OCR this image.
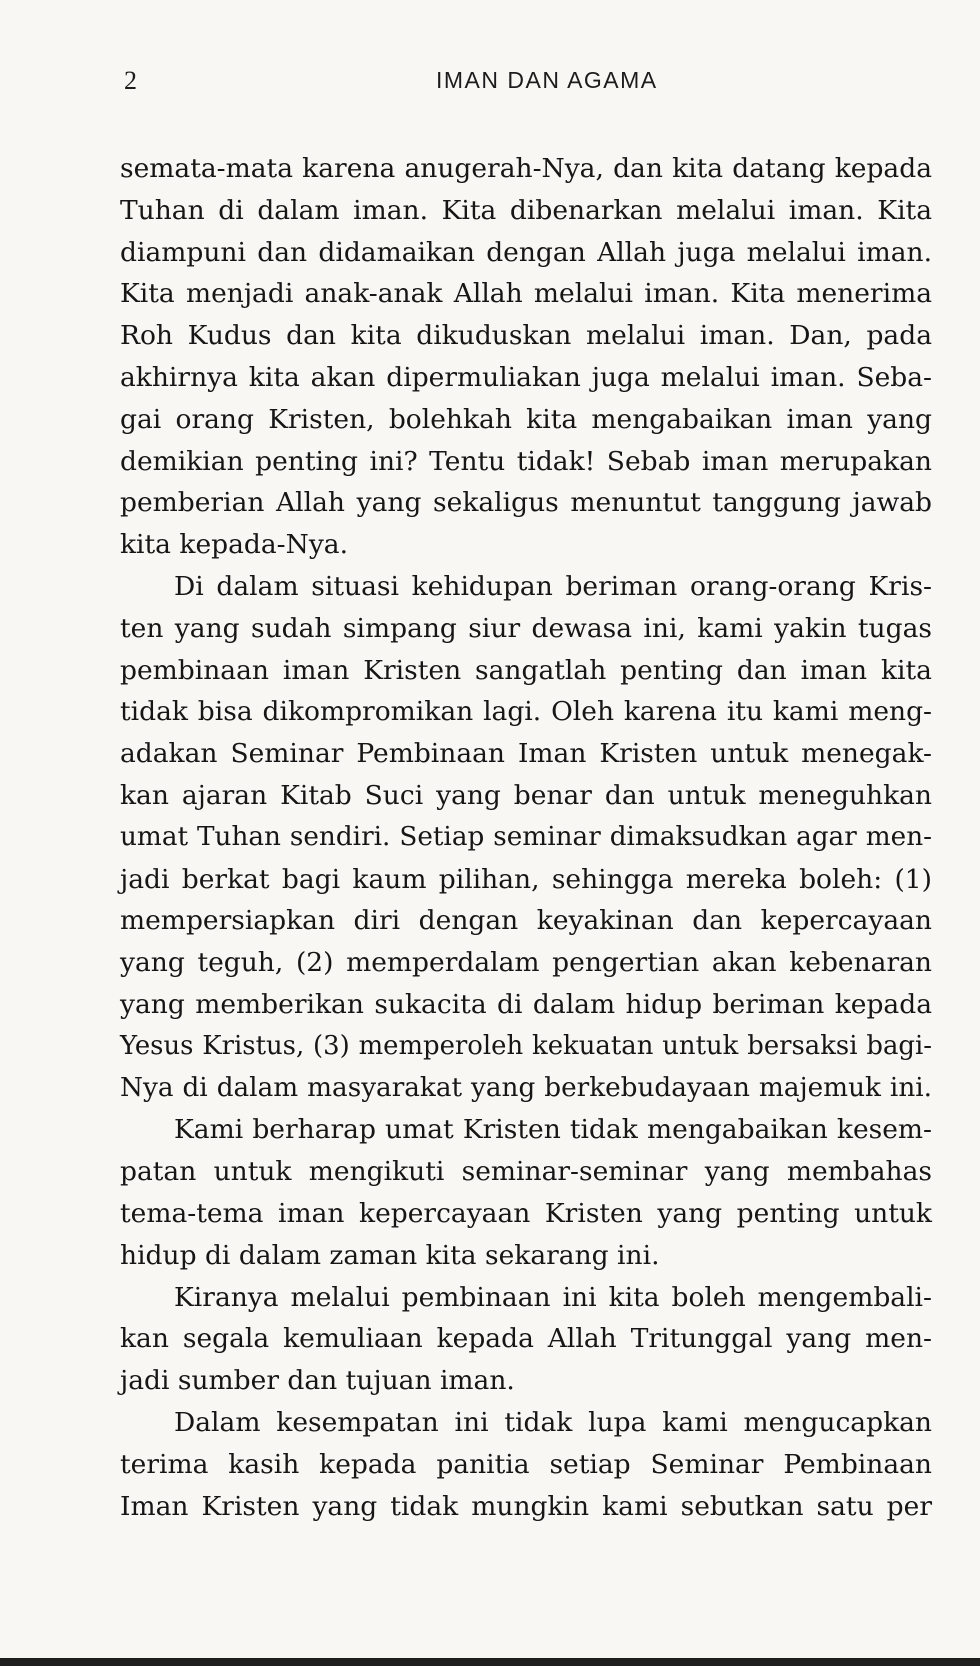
2	IMAN DAN AGAMA
semata-mata karena anugerah-Nya, dan kita datang kepada
Tuhan di dalam iman. Kita dibenarkan melalui iman. Kita
diampuni dan didamaikan dengan Allah juga melalui iman.
Kita menjadi anak-anak Allah melalui iman. Kita menerima
Roh Kudus dan kita dikuduskan melalui iman. Dan, pada
akhirnya kita akan dipermuliakan juga melalui iman. Seba-
gai orang Kristen, bolehkah kita mengabaikan iman yang
demikian penting ini? Tentu tidak! Sebab iman merupakan
pemberian Allah yang sekaligus menuntut tanggung jawab
kita kepada-Nya.
Di dalam situasi kehidupan beriman orang-orang Kris-
ten yang sudah simpang siur dewasa ini, kami yakin tugas
pembinaan iman Kristen sangatlah penting dan iman kita
tidak bisa dikompromikan lagi. Oleh karena itu kami meng-
adakan Seminar Pembinaan Iman Kristen untuk menegak-
kan ajaran Kitab Suci yang benar dan untuk meneguhkan
umat Tuhan sendiri. Setiap seminar dimaksudkan agar men-
jadi berkat bagi kaum pilihan, sehingga mereka boleh: (1)
mempersiapkan diri dengan keyakinan dan kepercayaan
yang teguh, (2) memperdalam pengertian akan kebenaran
yang memberikan sukacita di dalam hidup beriman kepada
Yesus Kristus, (3) memperoleh kekuatan untuk bersaksi bagi-
Nya di dalam masyarakat yang berkebudayaan majemuk ini.
Kami berharap umat Kristen tidak mengabaikan kesem-
patan untuk mengikuti seminar-seminar yang membahas
tema-tema iman kepercayaan Kristen yang penting untuk
hidup di dalam zaman kita sekarang ini.
Kiranya melalui pembinaan ini kita boleh mengembali-
kan segala kemuliaan kepada Allah Tritunggal yang men-
jadi sumber dan tujuan iman.
Dalam kesempatan ini tidak lupa kami mengucapkan
terima kasih kepada panitia setiap Seminar Pembinaan
Iman Kristen yang tidak mungkin kami sebutkan satu per
